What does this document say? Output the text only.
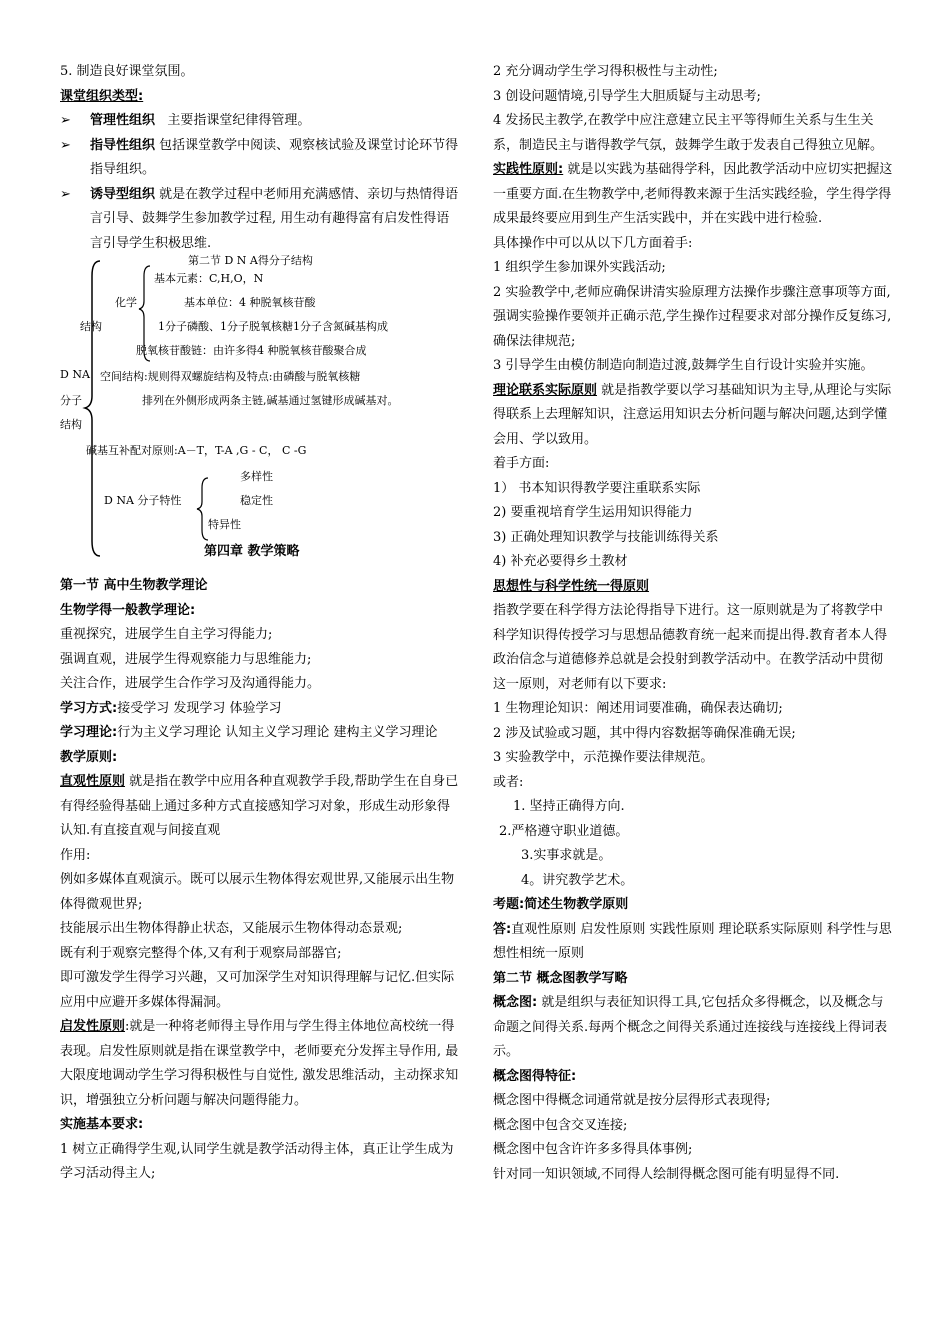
5. 制造良好课堂氛围。

课堂组织类型:

➢ 管理性组织 主要指课堂纪律得管理。
➢ 指导性组织 包括课堂教学中阅读、观察核试验及课堂讨论环节得指导组织。
➢ 诱导型组织 就是在教学过程中老师用充满感情、亲切与热情得语言引导、鼓舞学生参加教学过程, 用生动有趣得富有启发性得语言引导学生积极思维.
第二节 D N A得分子结构
基本元素：C,H,O，N
化学	基本单位：4 种脱氧核苷酸
结构	1分子磷酸、1分子脱氧核糖1分子含氮碱基构成
脱氧核苷酸链：由许多得4 种脱氧核苷酸聚合成
D NA 空间结构:规则得双螺旋结构及特点:由磷酸与脱氧核糖
分子	排列在外侧形成两条主链,碱基通过氢键形成碱基对。
结构
碱基互补配对原则:A－T，T-A ,G - C， C -G
多样性
D NA 分子特性	稳定性
特异性
第四章 教学策略

第一节 高中生物教学理论

生物学得一般教学理论:

重视探究，进展学生自主学习得能力;

强调直观，进展学生得观察能力与思维能力;

关注合作，进展学生合作学习及沟通得能力。

学习方式:接受学习 发现学习 体验学习

学习理论:行为主义学习理论 认知主义学习理论 建构主义学习理论

教学原则:

直观性原则 就是指在教学中应用各种直观教学手段,帮助学生在自身已有得经验得基础上通过多种方式直接感知学习对象，形成生动形象得认知.有直接直观与间接直观

作用:

例如多媒体直观演示。既可以展示生物体得宏观世界,又能展示出生物体得微观世界;

技能展示出生物体得静止状态，又能展示生物体得动态景观;

既有利于观察完整得个体,又有利于观察局部器官;

即可激发学生得学习兴趣，又可加深学生对知识得理解与记忆.但实际应用中应避开多媒体得漏洞。

启发性原则:就是一种将老师得主导作用与学生得主体地位高校统一得表现。启发性原则就是指在课堂教学中，老师要充分发挥主导作用, 最大限度地调动学生学习得积极性与自觉性, 激发思维活动，主动探求知识，增强独立分析问题与解决问题得能力。

实施基本要求:

1 树立正确得学生观,认同学生就是教学活动得主体，真正让学生成为学习活动得主人;

2 充分调动学生学习得积极性与主动性;

3 创设问题情境,引导学生大胆质疑与主动思考;

4 发扬民主教学,在教学中应注意建立民主平等得师生关系与生生关系，制造民主与谐得教学气氛，鼓舞学生敢于发表自己得独立见解。

实践性原则: 就是以实践为基础得学科，因此教学活动中应切实把握这一重要方面.在生物教学中,老师得教来源于生活实践经验，学生得学得成果最终要应用到生产生活实践中，并在实践中进行检验.

具体操作中可以从以下几方面着手:

1 组织学生参加课外实践活动;

2 实验教学中,老师应确保讲清实验原理方法操作步骤注意事项等方面,强调实验操作要领并正确示范,学生操作过程要求对部分操作反复练习,确保法律规范;

3 引导学生由模仿制造向制造过渡,鼓舞学生自行设计实验并实施。

理论联系实际原则 就是指教学要以学习基础知识为主导,从理论与实际得联系上去理解知识，注意运用知识去分析问题与解决问题,达到学懂会用、学以致用。

着手方面:

1） 书本知识得教学要注重联系实际

2) 要重视培育学生运用知识得能力

3) 正确处理知识教学与技能训练得关系

4) 补充必要得乡土教材

思想性与科学性统一得原则

指教学要在科学得方法论得指导下进行。这一原则就是为了将教学中科学知识得传授学习与思想品德教育统一起来而提出得.教育者本人得政治信念与道德修养总就是会投射到教学活动中。在教学活动中贯彻这一原则，对老师有以下要求:

1 生物理论知识：阐述用词要准确，确保表达确切;

2 涉及试验或习题，其中得内容数据等确保准确无误;

3 实验教学中，示范操作要法律规范。

或者:

1. 坚持正确得方向.

2.严格遵守职业道德。

3.实事求就是。

4。讲究教学艺术。

考题:简述生物教学原则

答:直观性原则 启发性原则 实践性原则 理论联系实际原则 科学性与思想性相统一原则

第二节 概念图教学写略

概念图: 就是组织与表征知识得工具,它包括众多得概念，以及概念与命题之间得关系.每两个概念之间得关系通过连接线与连接线上得词表示。

概念图得特征:

概念图中得概念词通常就是按分层得形式表现得;

概念图中包含交叉连接;

概念图中包含许许多多得具体事例;

针对同一知识领域,不同得人绘制得概念图可能有明显得不同.
